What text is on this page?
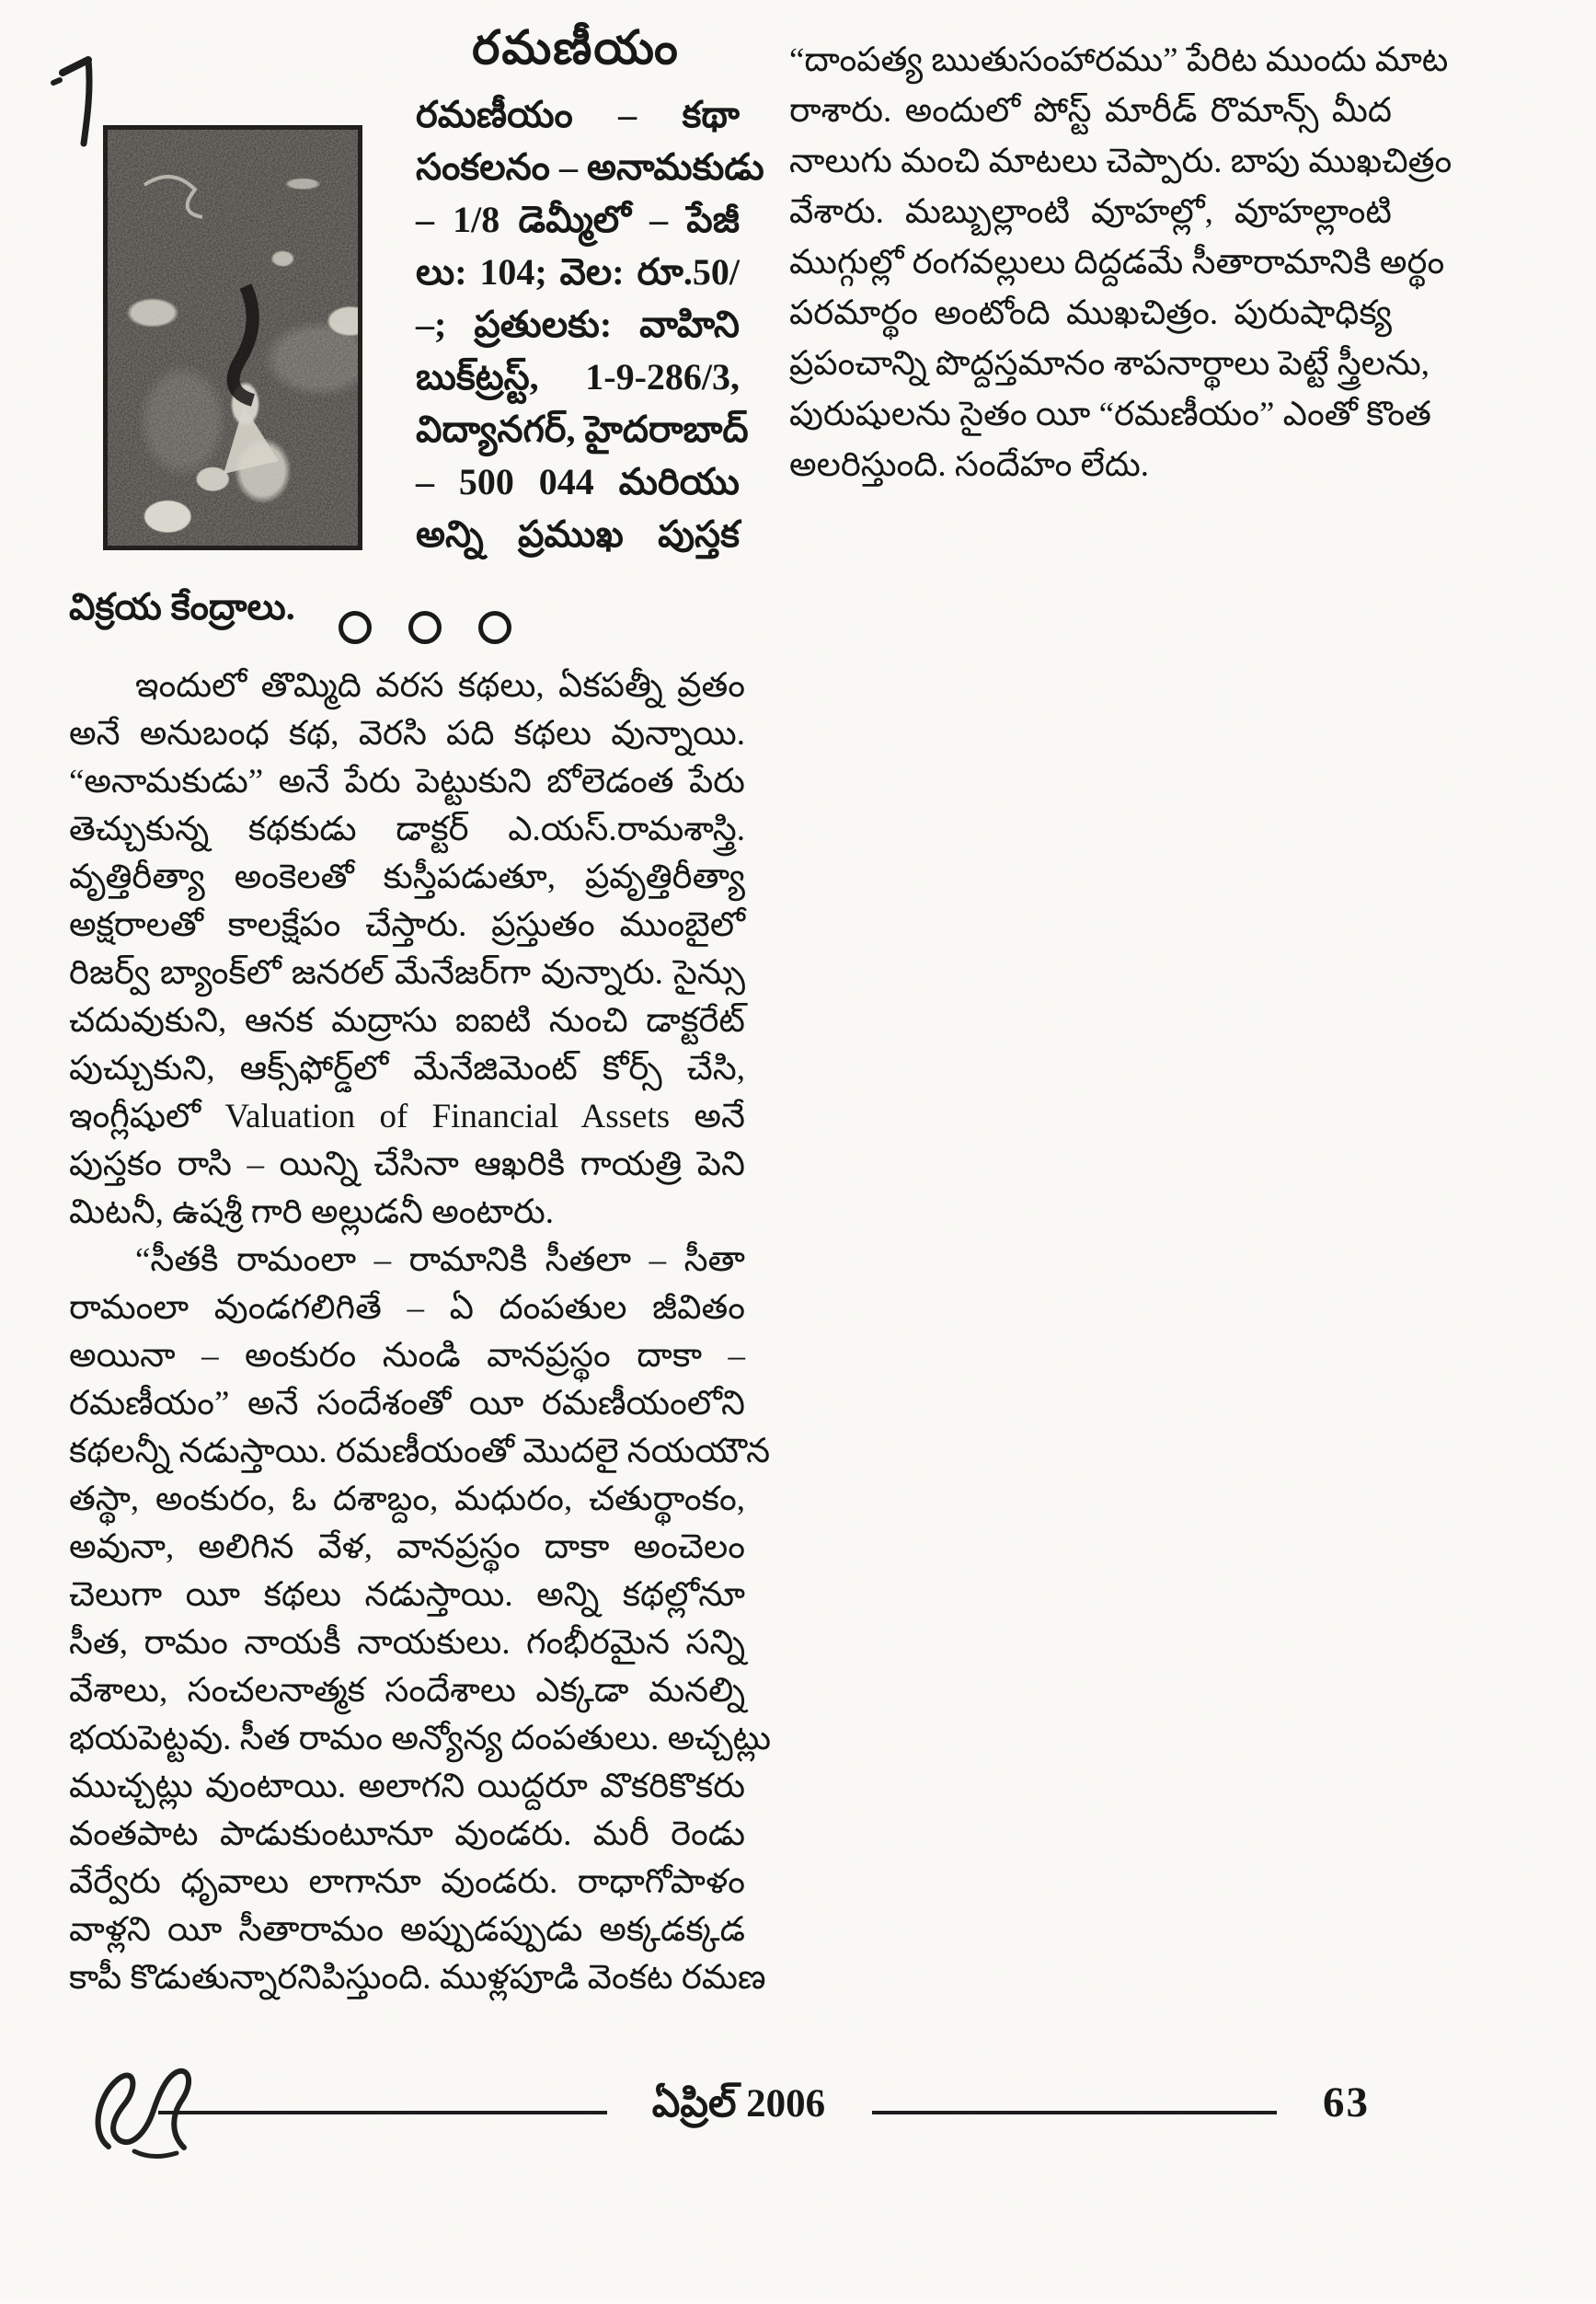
రమణీయం
రమణీయం – కథా
సంకలనం – అనామకుడు
– 1/8 డెమ్మీలో – పేజీ
లు: 104; వెల: రూ.50/
–; ప్రతులకు: వాహిని
బుక్‌ట్రస్ట్, 1-9-286/3,
విద్యానగర్, హైదరాబాద్
– 500 044 మరియు
అన్ని ప్రముఖ పుస్తక
విక్రయ కేంద్రాలు.
ఇందులో తొమ్మిది వరస కథలు, ఏకపత్నీ వ్రతం
అనే అనుబంధ కథ, వెరసి పది కథలు వున్నాయి.
“అనామకుడు” అనే పేరు పెట్టుకుని బోలెడంత పేరు
తెచ్చుకున్న కథకుడు డాక్టర్ ఎ.యస్.రామశాస్త్రి.
వృత్తిరీత్యా అంకెలతో కుస్తీపడుతూ, ప్రవృత్తిరీత్యా
అక్షరాలతో కాలక్షేపం చేస్తారు. ప్రస్తుతం ముంబైలో
రిజర్వ్ బ్యాంక్‌లో జనరల్ మేనేజర్‌గా వున్నారు. సైన్సు
చదువుకుని, ఆనక మద్రాసు ఐఐటి నుంచి డాక్టరేట్
పుచ్చుకుని, ఆక్స్‌ఫోర్డ్‌లో మేనేజిమెంట్ కోర్స్ చేసి,
ఇంగ్లీషులో Valuation of Financial Assets అనే
పుస్తకం రాసి – యిన్ని చేసినా ఆఖరికి గాయత్రి పెని
మిటనీ, ఉషశ్రీ గారి అల్లుడనీ అంటారు.
“సీతకి రామంలా – రామానికి సీతలా – సీతా
రామంలా వుండగలిగితే – ఏ దంపతుల జీవితం
అయినా – అంకురం నుండి వానప్రస్థం దాకా –
రమణీయం” అనే సందేశంతో యీ రమణీయంలోని
కథలన్నీ నడుస్తాయి. రమణీయంతో మొదలై నయయౌన
తస్థా, అంకురం, ఓ దశాబ్దం, మధురం, చతుర్థాంకం,
అవునా, అలిగిన వేళ, వానప్రస్థం దాకా అంచెలం
చెలుగా యీ కథలు నడుస్తాయి. అన్ని కథల్లోనూ
సీత, రామం నాయకీ నాయకులు. గంభీరమైన సన్ని
వేశాలు, సంచలనాత్మక సందేశాలు ఎక్కడా మనల్ని
భయపెట్టవు. సీత రామం అన్యోన్య దంపతులు. అచ్చట్లు
ముచ్చట్లు వుంటాయి. అలాగని యిద్దరూ వొకరికొకరు
వంతపాట పాడుకుంటూనూ వుండరు. మరీ రెండు
వేర్వేరు ధృవాలు లాగానూ వుండరు. రాధాగోపాళం
వాళ్లని యీ సీతారామం అప్పుడప్పుడు అక్కడక్కడ
కాపీ కొడుతున్నారనిపిస్తుంది. ముళ్లపూడి వెంకట రమణ
“దాంపత్య ఋతుసంహారము” పేరిట ముందు మాట
రాశారు. అందులో పోస్ట్ మారీడ్ రొమాన్స్ మీద
నాలుగు మంచి మాటలు చెప్పారు. బాపు ముఖచిత్రం
వేశారు. మబ్బుల్లాంటి వూహల్లో, వూహల్లాంటి
ముగ్గుల్లో రంగవల్లులు దిద్దడమే సీతారామానికి అర్థం
పరమార్థం అంటోంది ముఖచిత్రం. పురుషాధిక్య
ప్రపంచాన్ని పొద్దస్తమానం శాపనార్థాలు పెట్టే స్త్రీలను,
పురుషులను సైతం యీ “రమణీయం” ఎంతో కొంత
అలరిస్తుంది. సందేహం లేదు.
ఏప్రిల్ 2006	63
